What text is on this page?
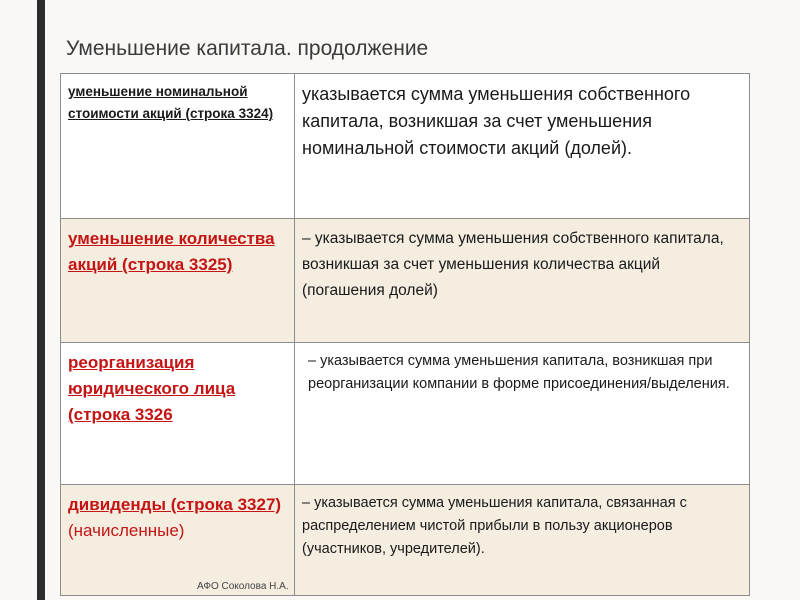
Уменьшение капитала. продолжение
уменьшение номинальной стоимости акций (строка 3324)	указывается сумма уменьшения собственного капитала, возникшая за счет уменьшения номинальной стоимости акций (долей).
уменьшение количества акций (строка 3325)	– указывается сумма уменьшения собственного капитала, возникшая за счет уменьшения количества акций (погашения долей)
реорганизация юридического лица (строка 3326	– указывается сумма уменьшения капитала, возникшая при реорганизации компании в форме присоединения/выделения.

дивиденды (строка 3327) (начисленные)	– указывается сумма уменьшения капитала, связанная с распределением чистой прибыли в пользу акционеров (участников, учредителей).
АФО Соколова Н.А.
